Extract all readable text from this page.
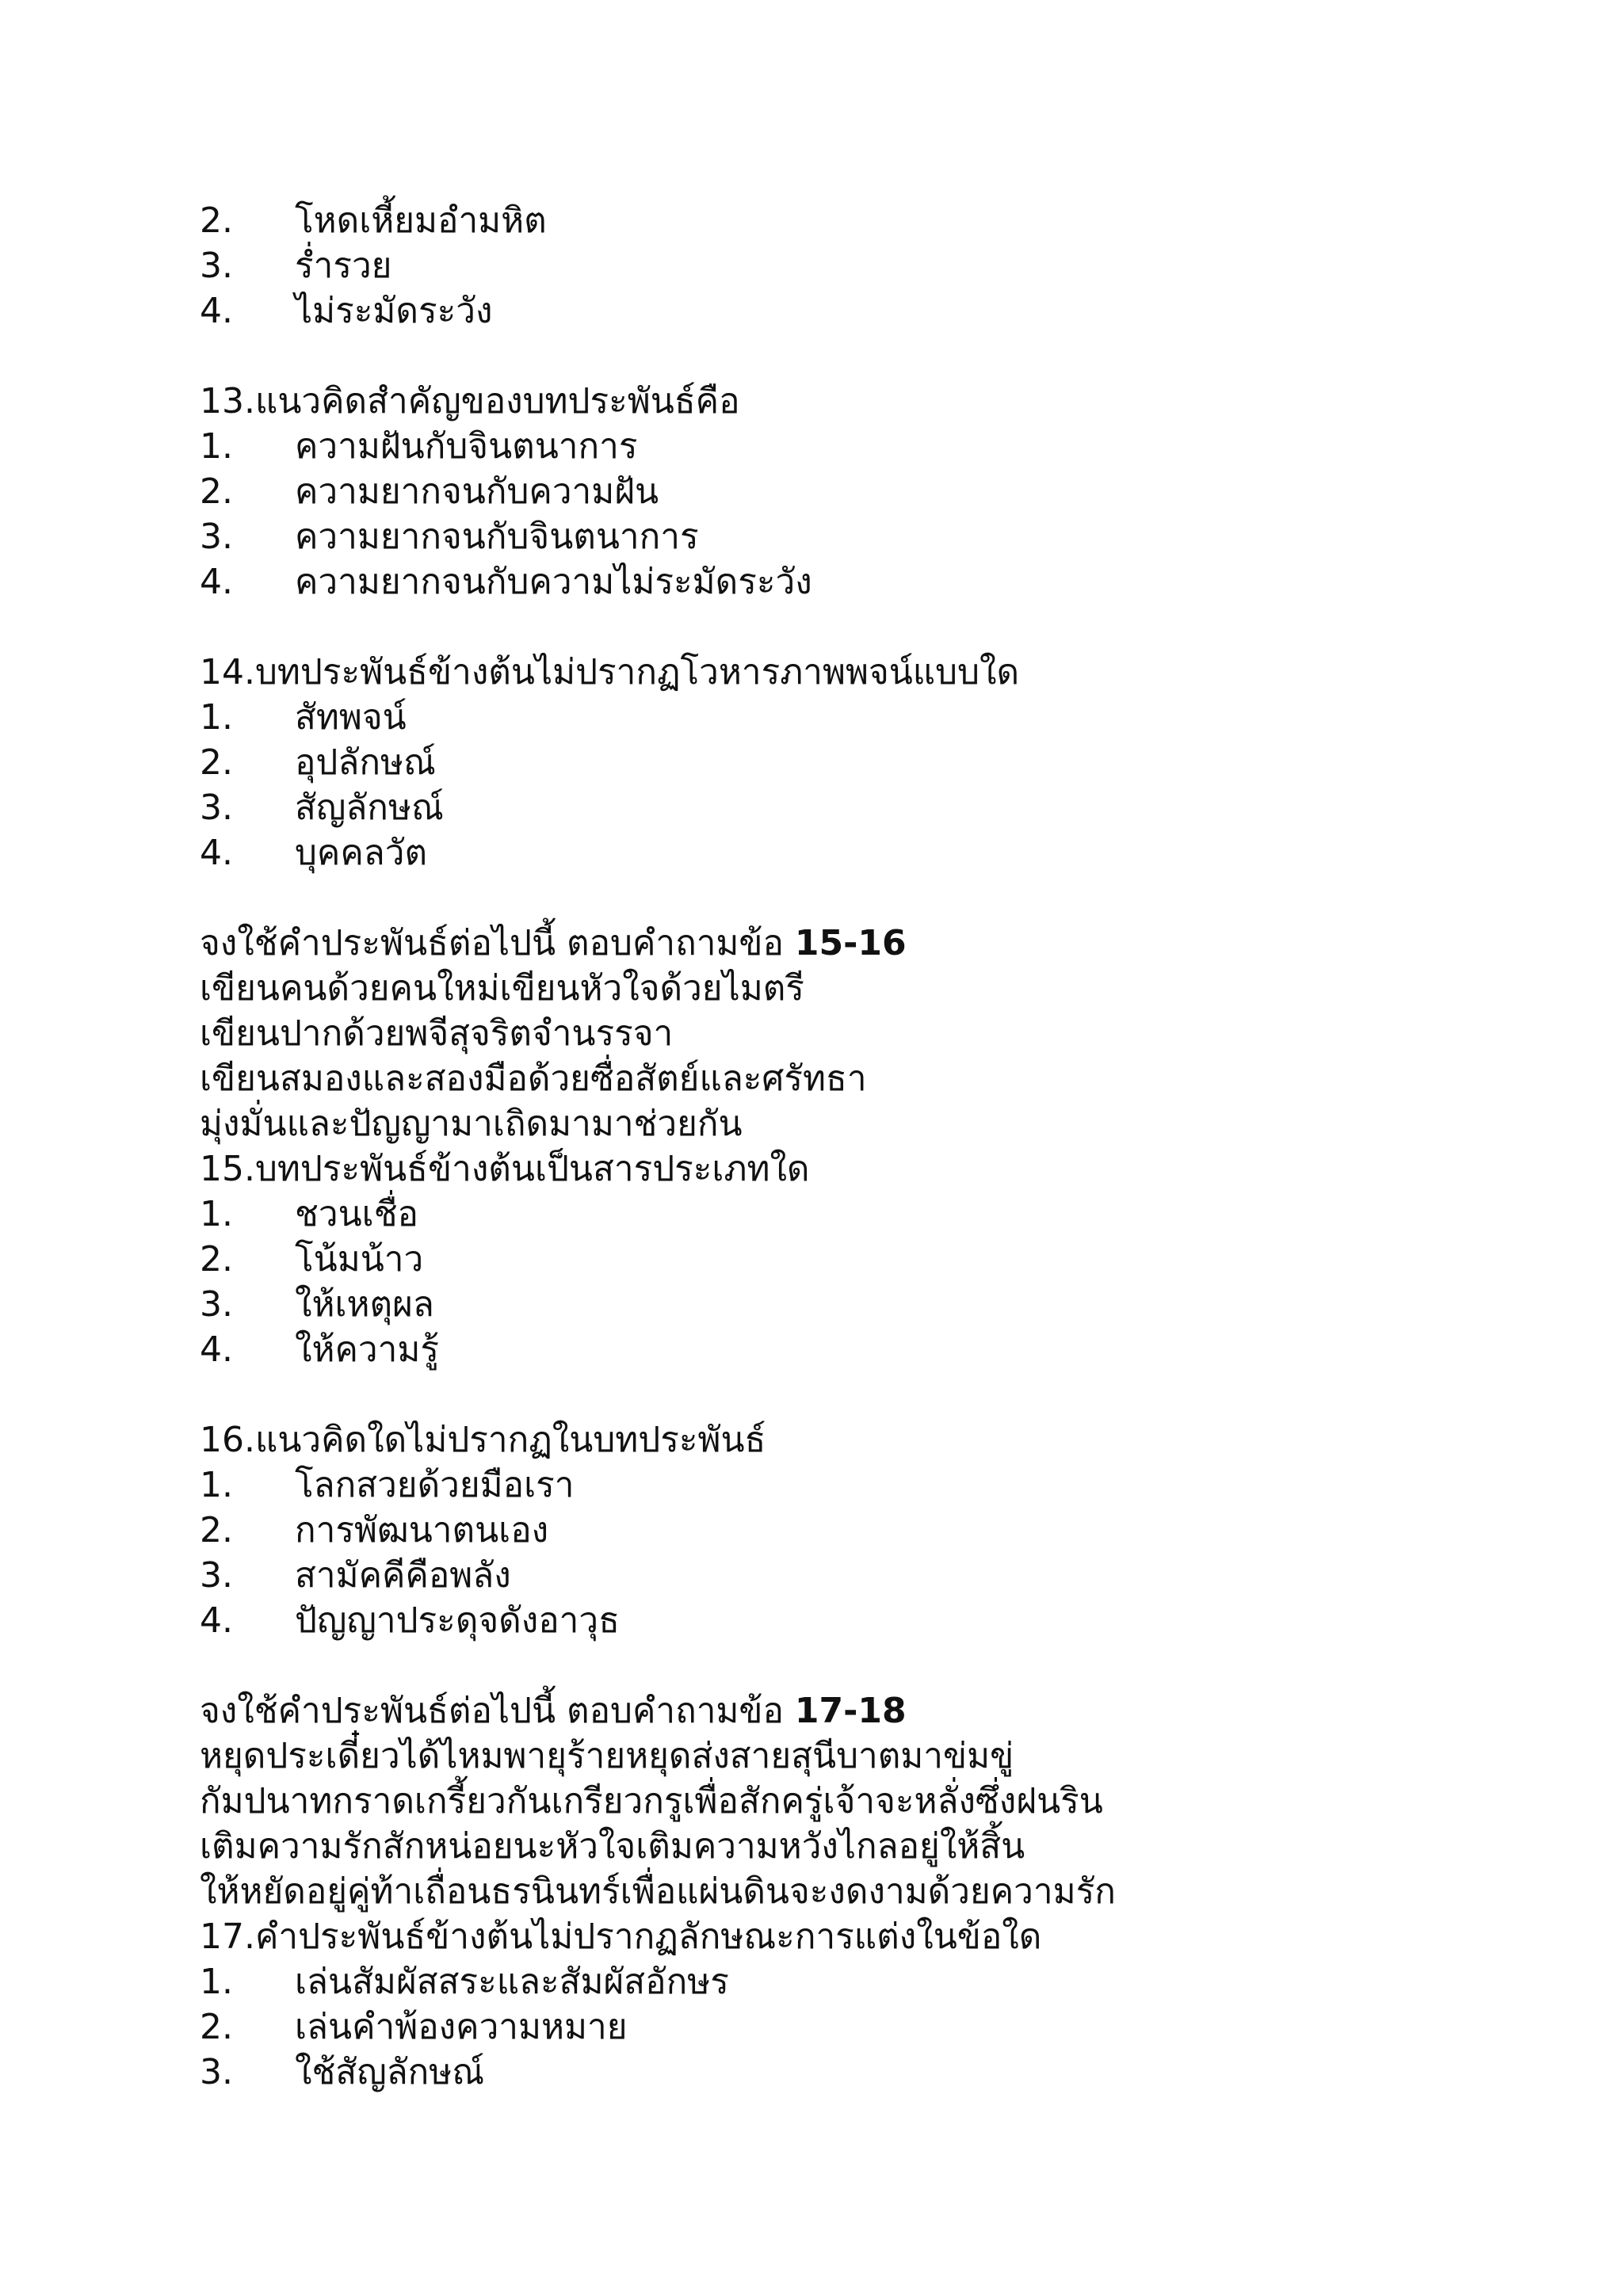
2.	โหดเหี้ยมอำมหิต
3.	ร่ำรวย
4.	ไม่ระมัดระวัง
13.แนวคิดสำคัญของบทประพันธ์คือ
1.	ความฝันกับจินตนาการ
2.	ความยากจนกับความฝัน
3.	ความยากจนกับจินตนาการ
4.	ความยากจนกับความไม่ระมัดระวัง
14.บทประพันธ์ข้างต้นไม่ปรากฏโวหารภาพพจน์แบบใด
1.	สัทพจน์
2.	อุปลักษณ์
3.	สัญลักษณ์
4.	บุคคลวัต
จงใช้คำประพันธ์ต่อไปนี้ ตอบคำถามข้อ 15-16
เขียนคนด้วยคนใหม่เขียนหัวใจด้วยไมตรี
เขียนปากด้วยพจีสุจริตจำนรรจา
เขียนสมองและสองมือด้วยซื่อสัตย์และศรัทธา
มุ่งมั่นและปัญญามาเถิดมามาช่วยกัน
15.บทประพันธ์ข้างต้นเป็นสารประเภทใด
1.	ชวนเชื่อ
2.	โน้มน้าว
3.	ให้เหตุผล
4.	ให้ความรู้
16.แนวคิดใดไม่ปรากฏในบทประพันธ์
1.	โลกสวยด้วยมือเรา
2.	การพัฒนาตนเอง
3.	สามัคคีคือพลัง
4.	ปัญญาประดุจดังอาวุธ
จงใช้คำประพันธ์ต่อไปนี้ ตอบคำถามข้อ 17-18
หยุดประเดี๋ยวได้ไหมพายุร้ายหยุดส่งสายสุนีบาตมาข่มขู่
กัมปนาทกราดเกรี้ยวกันเกรียวกรูเพื่อสักครู่เจ้าจะหลั่งซึ่งฝนริน
เติมความรักสักหน่อยนะหัวใจเติมความหวังไกลอยู่ให้สิ้น
ให้หยัดอยู่คู่ท้าเถื่อนธรนินทร์เพื่อแผ่นดินจะงดงามด้วยความรัก
17.คำประพันธ์ข้างต้นไม่ปรากฏลักษณะการแต่งในข้อใด
1.	เล่นสัมผัสสระและสัมผัสอักษร
2.	เล่นคำพ้องความหมาย
3.	ใช้สัญลักษณ์
